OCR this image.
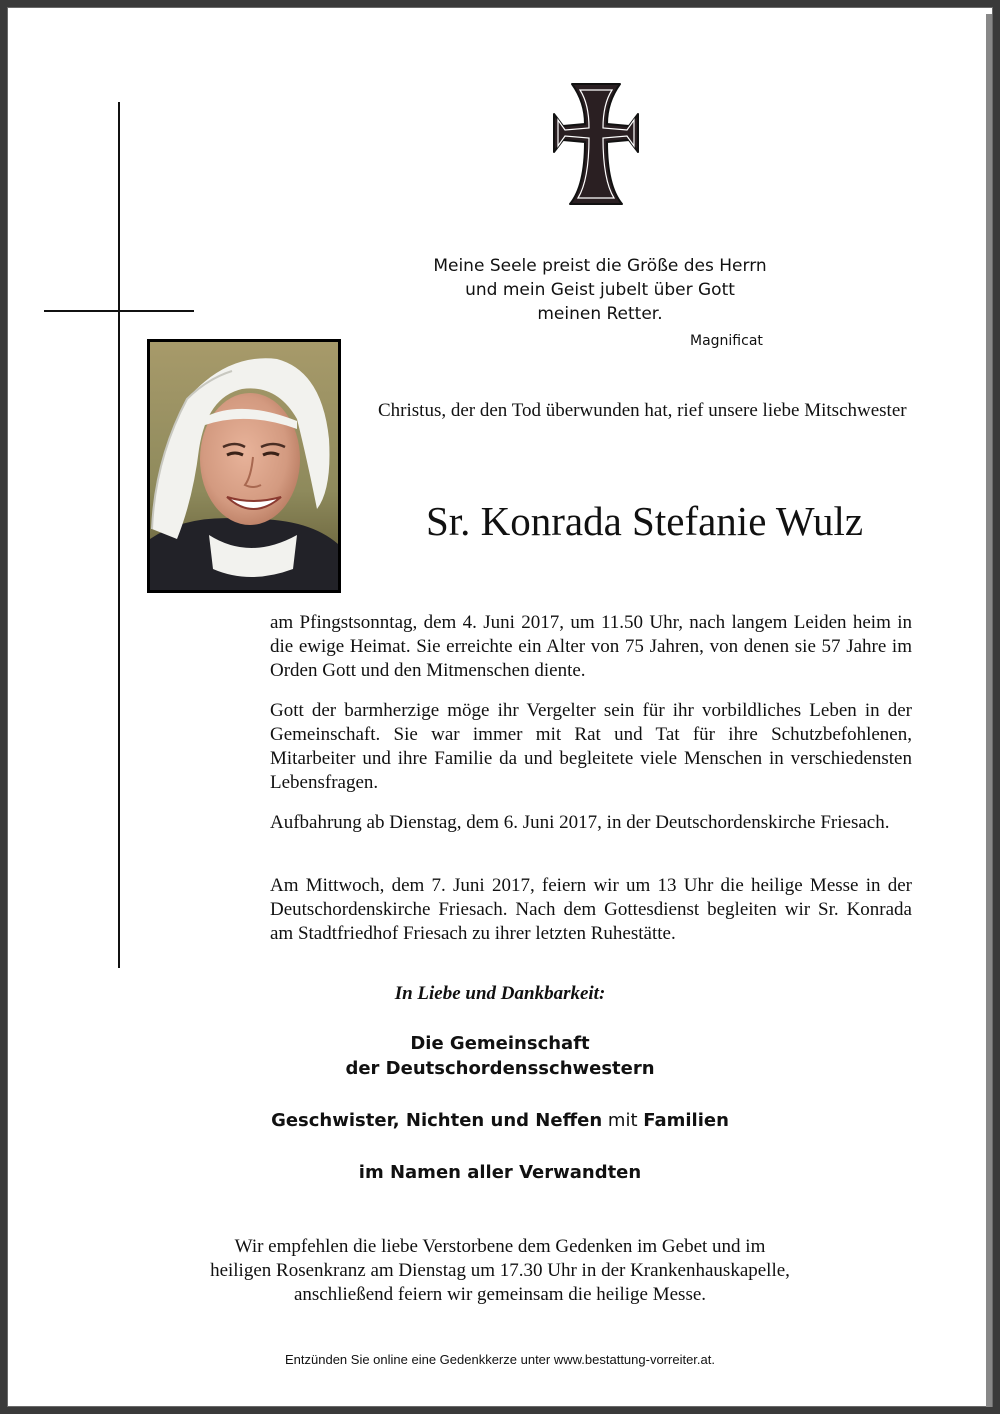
Meine Seele preist die Größe des Herrn
und mein Geist jubelt über Gott
meinen Retter.
Magnificat
Christus, der den Tod überwunden hat, rief unsere liebe Mitschwester
Sr. Konrada Stefanie Wulz
am Pfingstsonntag, dem 4. Juni 2017, um 11.50 Uhr, nach langem Leiden heim in die ewige Heimat. Sie erreichte ein Alter von 75 Jahren, von denen sie 57 Jahre im Orden Gott und den Mitmenschen diente.
Gott der barmherzige möge ihr Vergelter sein für ihr vorbildliches Leben in der Gemeinschaft. Sie war immer mit Rat und Tat für ihre Schutzbefohlenen, Mitarbeiter und ihre Familie da und begleitete viele Menschen in verschiedensten Lebensfragen.
Aufbahrung ab Dienstag, dem 6. Juni 2017, in der Deutschordenskirche Friesach.
Am Mittwoch, dem 7. Juni 2017, feiern wir um 13 Uhr die heilige Messe in der Deutschordenskirche Friesach. Nach dem Gottesdienst begleiten wir Sr. Konrada am Stadtfriedhof Friesach zu ihrer letzten Ruhestätte.
In Liebe und Dankbarkeit:
Die Gemeinschaft
der Deutschordensschwestern
Geschwister, Nichten und Neffen mit Familien
im Namen aller Verwandten
Wir empfehlen die liebe Verstorbene dem Gedenken im Gebet und im
heiligen Rosenkranz am Dienstag um 17.30 Uhr in der Krankenhauskapelle,
anschließend feiern wir gemeinsam die heilige Messe.
Entzünden Sie online eine Gedenkkerze unter www.bestattung-vorreiter.at.
